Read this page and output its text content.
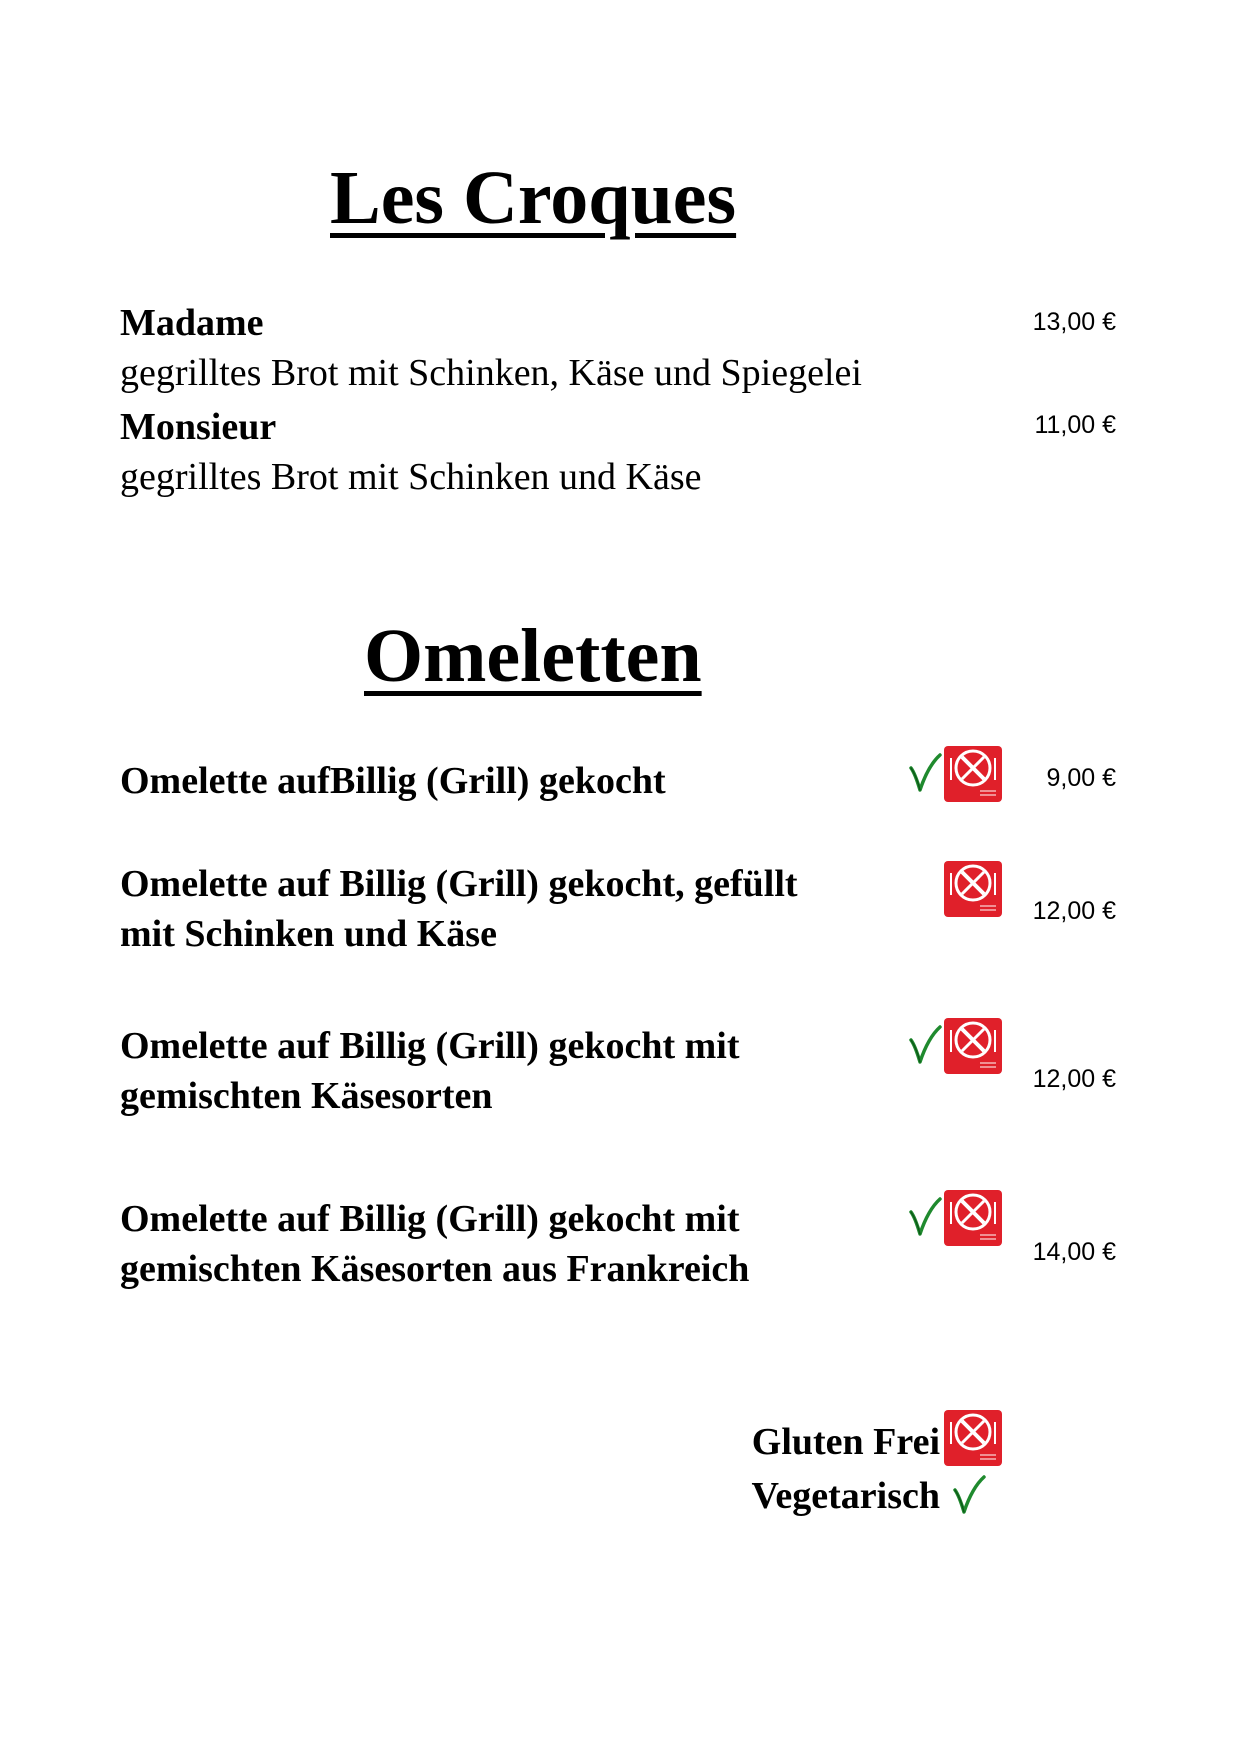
Les Croques
Madame
gegrilltes Brot mit Schinken, Käse und Spiegelei
13,00 €
Monsieur
gegrilltes Brot mit Schinken und Käse
11,00 €
Omeletten
Omelette aufBillig (Grill) gekocht	9,00 €
Omelette auf Billig (Grill) gekocht, gefüllt
mit Schinken und Käse
12,00 €
Omelette auf Billig (Grill) gekocht mit
gemischten Käsesorten	12,00 €
Omelette auf Billig (Grill) gekocht mit
gemischten Käsesorten aus Frankreich	14,00 €
Gluten Frei
Vegetarisch
